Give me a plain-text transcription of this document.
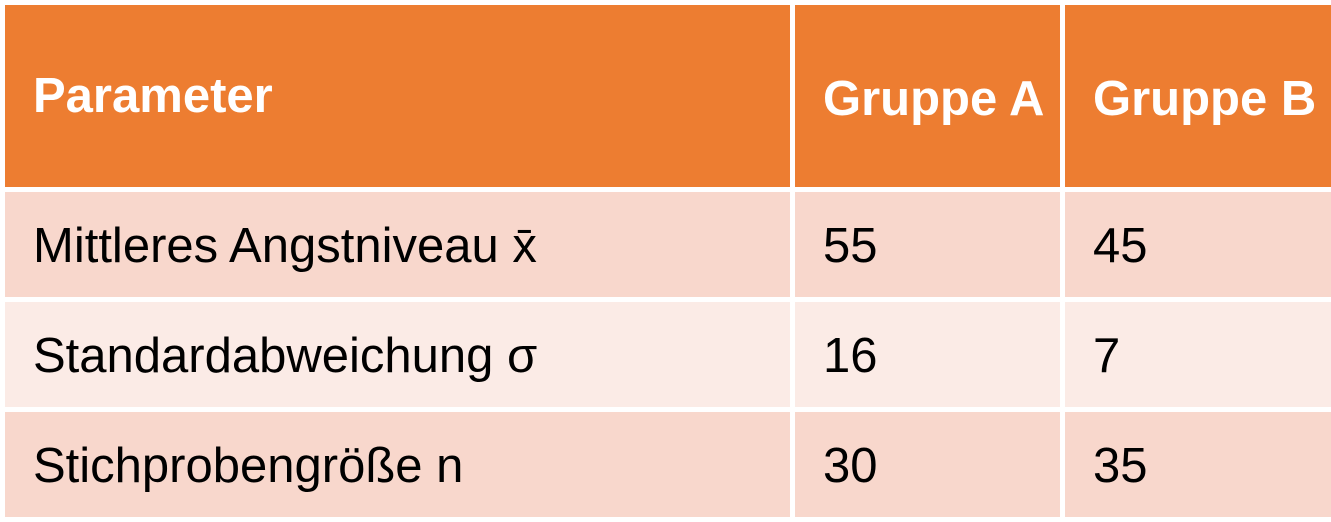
Parameter	Gruppe A	Gruppe B
Mittleres Angstniveau x̄	55	45
Standardabweichung σ	16	7
Stichprobengröße n	30	35
